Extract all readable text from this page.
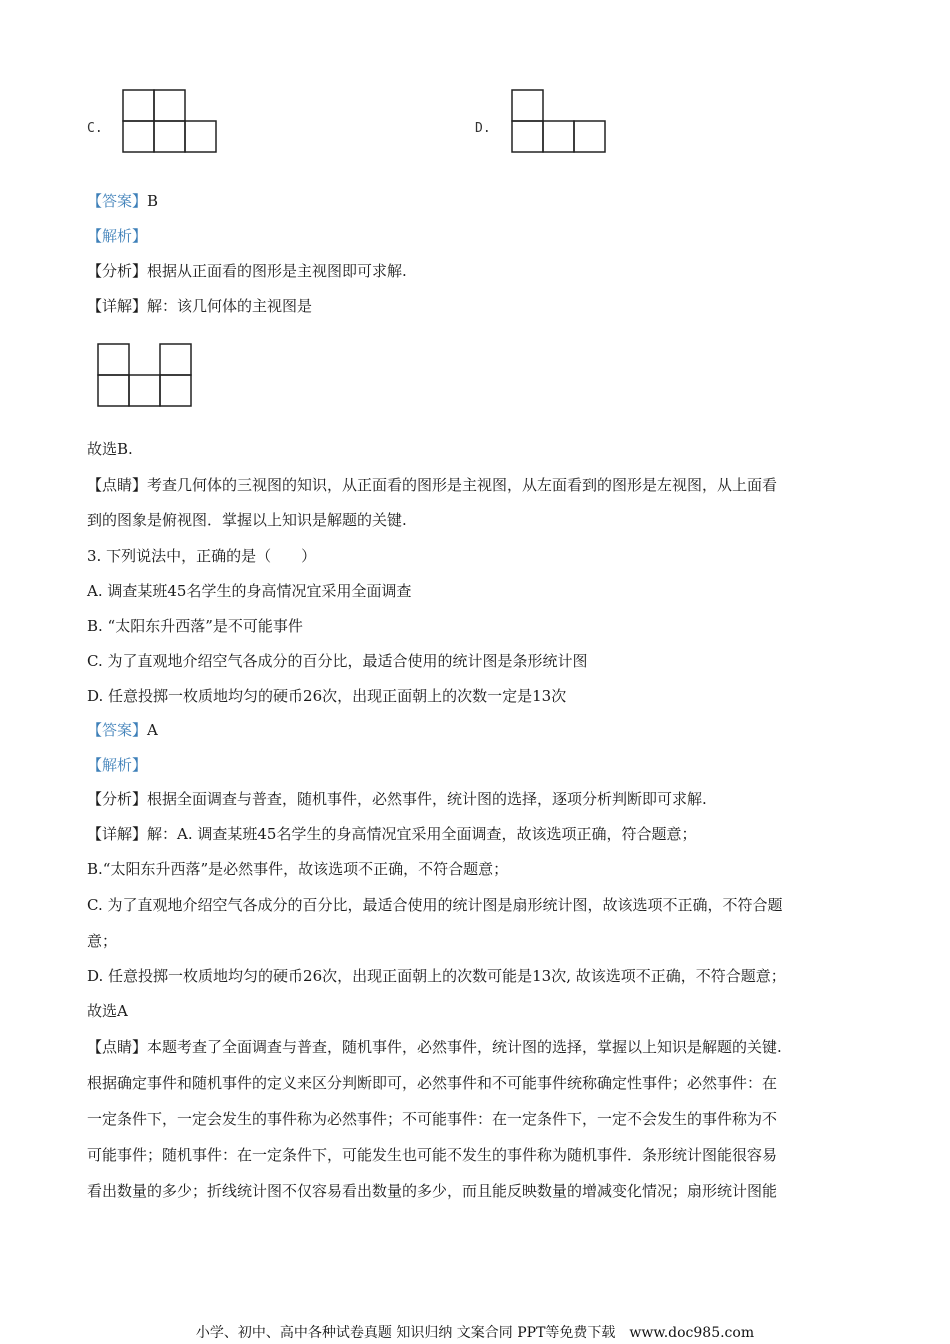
C.	D.
【答案】B
【解析】
【分析】根据从正面看的图形是主视图即可求解.
【详解】解：该几何体的主视图是
故选B.
【点睛】考查几何体的三视图的知识，从正面看的图形是主视图，从左面看到的图形是左视图，从上面看
到的图象是俯视图．掌握以上知识是解题的关键.
3. 下列说法中，正确的是（　　）
A. 调查某班45名学生的身高情况宜采用全面调查
B. “太阳东升西落”是不可能事件
C. 为了直观地介绍空气各成分的百分比，最适合使用的统计图是条形统计图
D. 任意投掷一枚质地均匀的硬币26次，出现正面朝上的次数一定是13次
【答案】A
【解析】
【分析】根据全面调查与普查，随机事件，必然事件，统计图的选择，逐项分析判断即可求解.
【详解】解：A. 调查某班45名学生的身高情况宜采用全面调查，故该选项正确，符合题意；
B.“太阳东升西落”是必然事件，故该选项不正确，不符合题意；
C. 为了直观地介绍空气各成分的百分比，最适合使用的统计图是扇形统计图，故该选项不正确，不符合题
意；
D. 任意投掷一枚质地均匀的硬币26次，出现正面朝上的次数可能是13次, 故该选项不正确，不符合题意；
故选A
【点睛】本题考查了全面调查与普查，随机事件，必然事件，统计图的选择，掌握以上知识是解题的关键.
根据确定事件和随机事件的定义来区分判断即可，必然事件和不可能事件统称确定性事件；必然事件：在
一定条件下，一定会发生的事件称为必然事件；不可能事件：在一定条件下，一定不会发生的事件称为不
可能事件；随机事件：在一定条件下，可能发生也可能不发生的事件称为随机事件．条形统计图能很容易
看出数量的多少；折线统计图不仅容易看出数量的多少，而且能反映数量的增减变化情况；扇形统计图能
小学、初中、高中各种试卷真题 知识归纳 文案合同 PPT等免费下载　www.doc985.com
